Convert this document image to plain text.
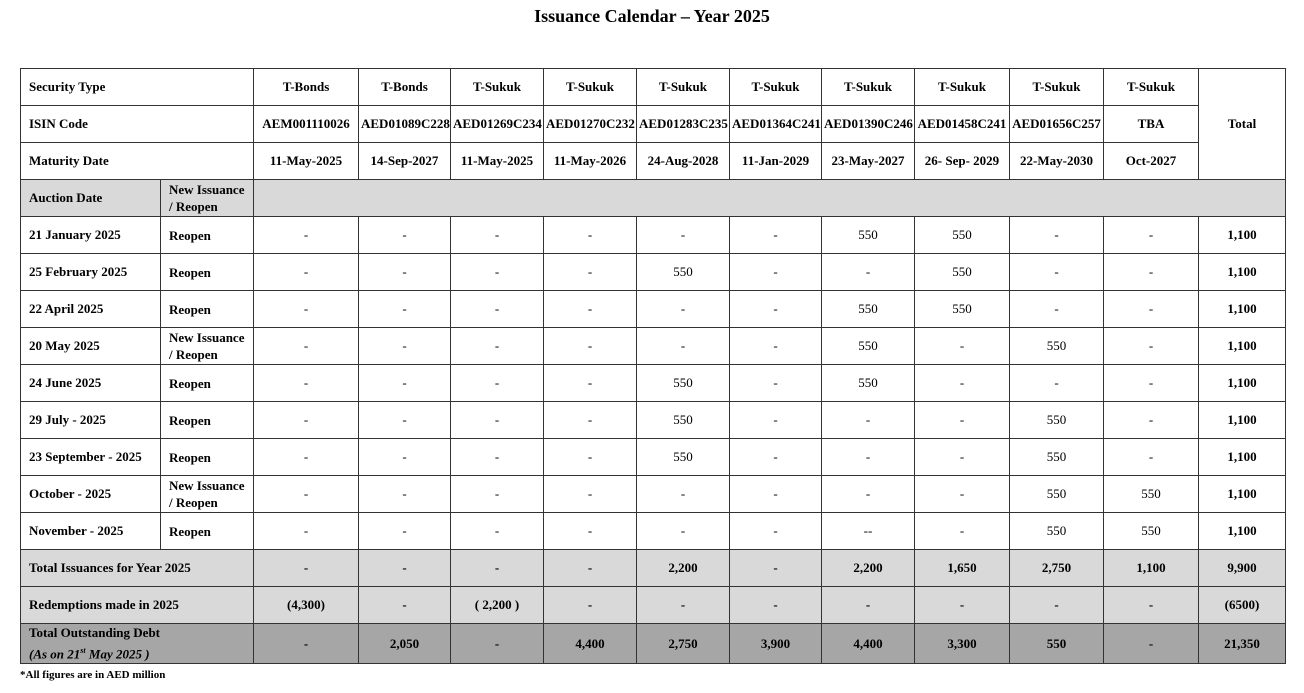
Issuance Calendar – Year 2025
Security Type		T-Bonds	T-Bonds	T-Sukuk	T-Sukuk	T-Sukuk	T-Sukuk	T-Sukuk	T-Sukuk	T-Sukuk	T-Sukuk	Total
ISIN Code		AEM001110026	AED01089C228	AED01269C234	AED01270C232	AED01283C235	AED01364C241	AED01390C246	AED01458C241	AED01656C257	TBA	
Maturity Date		11-May-2025	14-Sep-2027	11-May-2025	11-May-2026	24-Aug-2028	11-Jan-2029	23-May-2027	26- Sep- 2029	22-May-2030	Oct-2027	
Auction Date	New Issuance / Reopen											
21 January 2025	Reopen	-	-	-	-	-	-	550	550	-	-	1,100
25 February 2025	Reopen	-	-	-	-	550	-	-	550	-	-	1,100
22 April 2025	Reopen	-	-	-	-	-	-	550	550	-	-	1,100
20 May 2025	New Issuance / Reopen	-	-	-	-	-	-	550	-	550	-	1,100
24 June 2025	Reopen	-	-	-	-	550	-	550	-	-	-	1,100
29 July - 2025	Reopen	-	-	-	-	550	-	-	-	550	-	1,100
23 September - 2025	Reopen	-	-	-	-	550	-	-	-	550	-	1,100
October - 2025	New Issuance / Reopen	-	-	-	-	-	-	-	-	550	550	1,100
November - 2025	Reopen	-	-	-	-	-	-	--	-	550	550	1,100
Total Issuances for Year 2025		-	-	-	-	2,200	-	2,200	1,650	2,750	1,100	9,900
Redemptions made in 2025		(4,300)	-	( 2,200 )	-	-	-	-	-	-	-	(6500)

Total Outstanding Debt
(As on 21st May 2025 )		-	2,050	-	4,400	2,750	3,900	4,400	3,300	550	-	21,350
*All figures are in AED million
